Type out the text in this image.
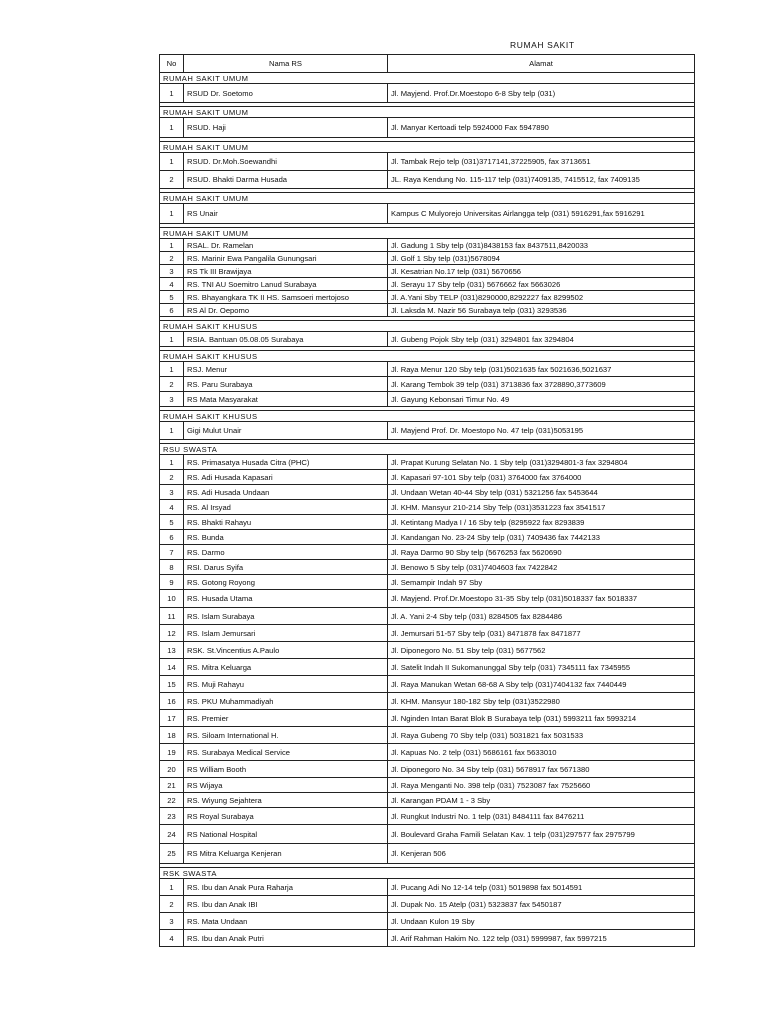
RUMAH SAKIT
No	Nama RS	Alamat
RUMAH SAKIT UMUM		
1	RSUD Dr. Soetomo	Jl. Mayjend. Prof.Dr.Moestopo 6-8 Sby telp (031)

RUMAH SAKIT UMUM		
1	RSUD. Haji	Jl. Manyar Kertoadi telp 5924000 Fax 5947890

RUMAH SAKIT UMUM		
1	RSUD. Dr.Moh.Soewandhi	Jl. Tambak Rejo telp (031)3717141,37225905, fax 3713651
2	RSUD. Bhakti Darma Husada	JL. Raya Kendung No. 115-117 telp (031)7409135, 7415512, fax 7409135

RUMAH SAKIT UMUM		
1	RS Unair	Kampus C Mulyorejo Universitas Airlangga telp (031) 5916291,fax 5916291

RUMAH SAKIT UMUM		
1	RSAL. Dr. Ramelan	Jl. Gadung 1 Sby telp (031)8438153 fax 8437511,8420033
2	RS. Marinir Ewa Pangalila Gunungsari	Jl. Golf 1 Sby telp (031)5678094
3	RS Tk III Brawijaya	Jl. Kesatrian No.17 telp (031) 5670656
4	RS. TNI AU Soemitro Lanud Surabaya	Jl. Serayu 17 Sby telp (031) 5676662 fax 5663026
5	RS. Bhayangkara TK II HS. Samsoeri mertojoso	Jl. A.Yani Sby TELP (031)8290000,8292227 fax 8299502
6	RS Al Dr. Oepomo	Jl. Laksda M. Nazir 56 Surabaya telp (031) 3293536

RUMAH SAKIT KHUSUS		
1	RSIA. Bantuan 05.08.05 Surabaya	Jl. Gubeng Pojok Sby telp (031) 3294801 fax 3294804

RUMAH SAKIT KHUSUS		
1	RSJ. Menur	Jl. Raya Menur 120 Sby telp (031)5021635 fax 5021636,5021637
2	RS. Paru Surabaya	Jl. Karang Tembok 39 telp (031) 3713836 fax 3728890,3773609
3	RS Mata Masyarakat	Jl. Gayung Kebonsari Timur No. 49

RUMAH SAKIT KHUSUS		
1	Gigi Mulut Unair	Jl. Mayjend Prof. Dr. Moestopo No. 47 telp (031)5053195

RSU SWASTA		
1	RS. Primasatya Husada Citra (PHC)	Jl. Prapat Kurung Selatan No. 1 Sby telp (031)3294801-3 fax 3294804
2	RS. Adi Husada Kapasari	Jl. Kapasari 97-101 Sby telp (031) 3764000 fax 3764000
3	RS. Adi Husada Undaan	Jl. Undaan Wetan 40-44 Sby telp (031) 5321256 fax 5453644
4	RS. Al Irsyad	Jl. KHM. Mansyur 210-214 Sby Telp (031)3531223 fax 3541517
5	RS. Bhakti Rahayu	Jl. Ketintang Madya I / 16 Sby telp (8295922 fax 8293839
6	RS. Bunda	Jl. Kandangan No. 23-24 Sby telp (031) 7409436 fax 7442133
7	RS. Darmo	Jl. Raya Darmo 90 Sby telp (5676253 fax 5620690
8	RSI. Darus Syifa	Jl. Benowo 5 Sby telp (031)7404603 fax 7422842
9	RS. Gotong Royong	Jl. Semampir Indah 97 Sby
10	RS. Husada Utama	Jl. Mayjend. Prof.Dr.Moestopo 31-35 Sby telp (031)5018337 fax 5018337
11	RS. Islam Surabaya	Jl. A. Yani 2-4 Sby telp (031) 8284505 fax 8284486
12	RS. Islam Jemursari	Jl. Jemursari 51-57 Sby telp (031) 8471878 fax 8471877
13	RSK. St.Vincentius A.Paulo	Jl. Diponegoro No. 51 Sby telp (031) 5677562
14	RS. Mitra Keluarga	Jl. Satelit Indah II Sukomanunggal Sby telp (031) 7345111 fax 7345955
15	RS. Muji Rahayu	Jl. Raya Manukan Wetan 68-68 A Sby telp (031)7404132 fax 7440449
16	RS. PKU Muhammadiyah	Jl. KHM. Mansyur 180-182 Sby telp (031)3522980
17	RS. Premier	Jl. Nginden Intan Barat Blok B Surabaya telp (031) 5993211 fax 5993214
18	RS. Siloam International H.	Jl. Raya Gubeng 70 Sby telp (031) 5031821 fax 5031533
19	RS. Surabaya Medical Service	Jl. Kapuas No. 2 telp (031) 5686161 fax 5633010
20	RS William Booth	Jl. Diponegoro No. 34 Sby telp (031) 5678917 fax 5671380
21	RS Wijaya	Jl. Raya Menganti No. 398 telp (031) 7523087 fax 7525660
22	RS. Wiyung Sejahtera	Jl. Karangan PDAM 1 - 3 Sby
23	RS Royal Surabaya	Jl. Rungkut Industri No. 1 telp (031) 8484111 fax 8476211
24	RS National Hospital	Jl. Boulevard Graha Famili Selatan Kav. 1 telp (031)297577 fax 2975799
25	RS Mitra Keluarga Kenjeran	Jl. Kenjeran 506

RSK SWASTA		
1	RS. Ibu dan Anak Pura Raharja	Jl. Pucang Adi No 12-14 telp (031) 5019898 fax 5014591
2	RS. Ibu dan Anak IBI	Jl. Dupak No. 15 Atelp (031) 5323837 fax 5450187
3	RS. Mata Undaan	Jl. Undaan Kulon 19 Sby
4	RS. Ibu dan Anak Putri	Jl. Arif Rahman Hakim No. 122 telp (031) 5999987, fax 5997215
